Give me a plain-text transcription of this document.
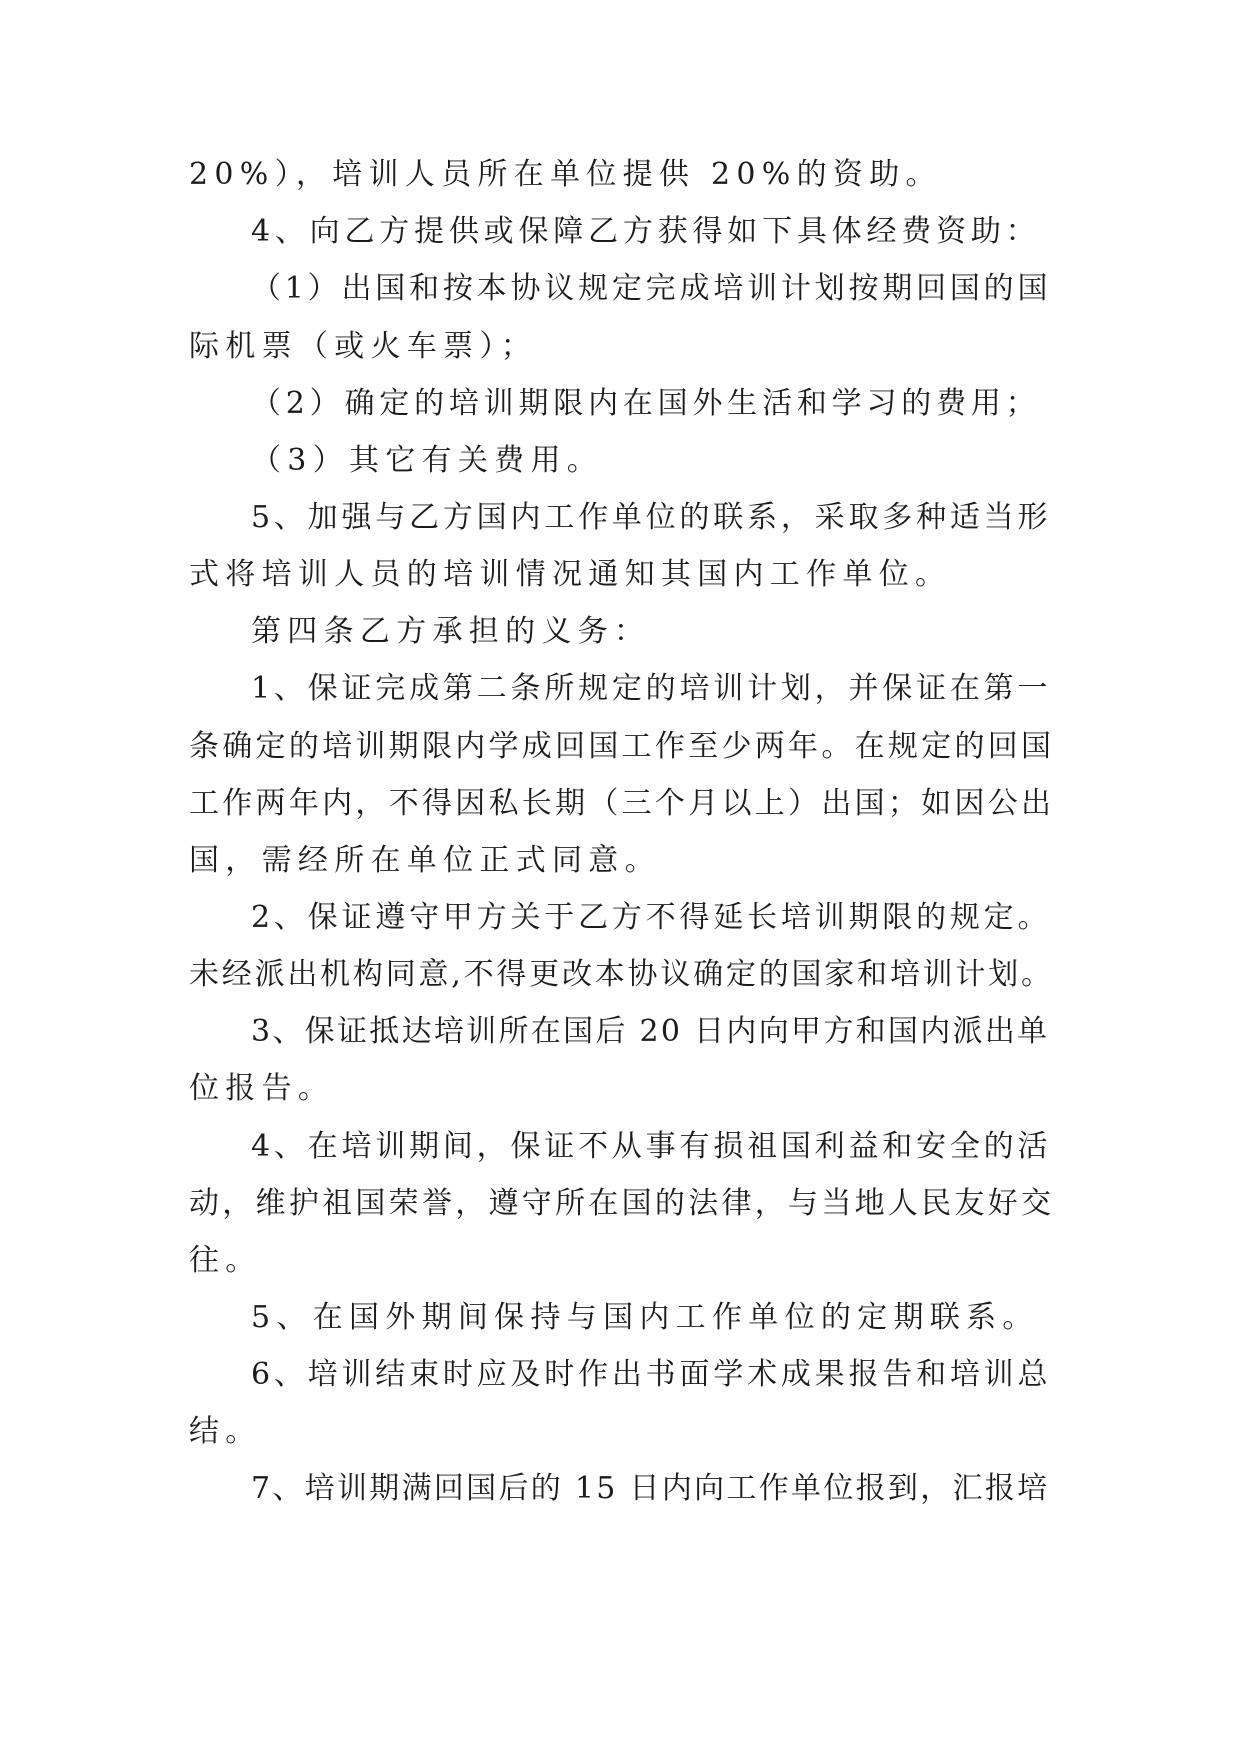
20%），培训人员所在单位提供 20%的资助。
4、向乙方提供或保障乙方获得如下具体经费资助：
（1）出国和按本协议规定完成培训计划按期回国的国
际机票（或火车票）；
（2）确定的培训期限内在国外生活和学习的费用；
（3）其它有关费用。
5、加强与乙方国内工作单位的联系，采取多种适当形
式将培训人员的培训情况通知其国内工作单位。
第四条乙方承担的义务：
1、保证完成第二条所规定的培训计划，并保证在第一
条确定的培训期限内学成回国工作至少两年。在规定的回国
工作两年内，不得因私长期（三个月以上）出国；如因公出
国，需经所在单位正式同意。
2、保证遵守甲方关于乙方不得延长培训期限的规定。
未经派出机构同意,不得更改本协议确定的国家和培训计划。
3、保证抵达培训所在国后 20 日内向甲方和国内派出单
位报告。
4、在培训期间，保证不从事有损祖国利益和安全的活
动，维护祖国荣誉，遵守所在国的法律，与当地人民友好交
往。
5、在国外期间保持与国内工作单位的定期联系。
6、培训结束时应及时作出书面学术成果报告和培训总
结。
7、培训期满回国后的 15 日内向工作单位报到，汇报培
